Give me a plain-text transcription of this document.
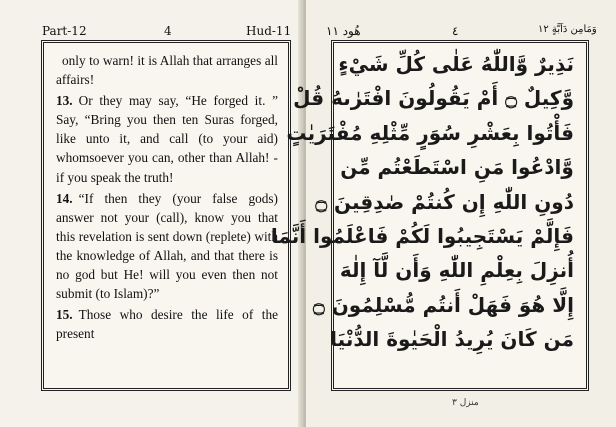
Part-12	4	Hud-11

only to warn! it is Allah that arranges all affairs!

13. Or they may say, “He forged it. ” Say, “Bring you then ten Suras forged, like unto it, and call (to your aid) whomsoever you can, other than Allah! - if you speak the truth!

14. “If then they (your false gods) answer not your (call), know you that this revelation is sent down (replete) with the knowledge of Allah, and that there is no god but He! will you even then not submit (to Islam)?”

15. Those who desire the life of the present

هُود ١١	٤	وَمَامِن دَآبَّةٍ ١٢
نَذِيرٌ وَّاللّٰهُ عَلٰى كُلِّ شَيْءٍ
وَّكِيلٌ ۝ أَمْ يَقُولُونَ افْتَرٰىهُ قُلْ
فَأْتُوا بِعَشْرِ سُوَرٍ مِّثْلِهِ مُفْتَرَيٰتٍ
وَّادْعُوا مَنِ اسْتَطَعْتُم مِّن
دُونِ اللّٰهِ إِن كُنتُمْ صٰدِقِينَ ۝
فَإِلَّمْ يَسْتَجِيبُوا لَكُمْ فَاعْلَمُوا أَنَّمَا
أُنزِلَ بِعِلْمِ اللّٰهِ وَأَن لَّآ إِلٰهَ
إِلَّا هُوَ فَهَلْ أَنتُم مُّسْلِمُونَ ۝
مَن كَانَ يُرِيدُ الْحَيٰوةَ الدُّنْيَا
منزل ٣
